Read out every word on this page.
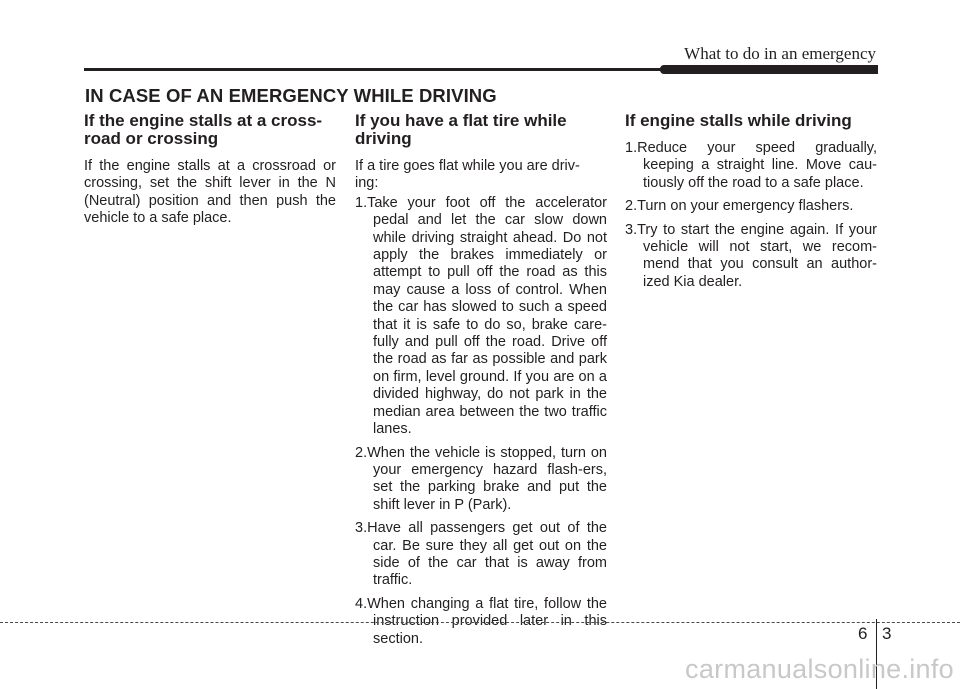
What to do in an emergency
IN CASE OF AN EMERGENCY WHILE DRIVING
If the engine stalls at a cross-
road or crossing

If the engine stalls at a crossroad or crossing, set the shift lever in the N (Neutral) position and then push the vehicle to a safe place.

If you have a flat tire while
driving

If a tire goes flat while you are driv-
ing:

1.Take your foot off the accelerator pedal and let the car slow down while driving straight ahead. Do not apply the brakes immediately or attempt to pull off the road as this may cause a loss of control. When the car has slowed to such a speed that it is safe to do so, brake care-fully and pull off the road. Drive off the road as far as possible and park on firm, level ground. If you are on a divided highway, do not park in the median area between the two traffic lanes.
2.When the vehicle is stopped, turn on your emergency hazard flash-ers, set the parking brake and put the shift lever in P (Park).
3.Have all passengers get out of the car. Be sure they all get out on the side of the car that is away from traffic.
4.When changing a flat tire, follow the instruction provided later in this section.
If engine stalls while driving
1.Reduce your speed gradually, keeping a straight line. Move cau-tiously off the road to a safe place.
2.Turn on your emergency flashers.
3.Try to start the engine again. If your vehicle will not start, we recom-mend that you consult an author-ized Kia dealer.
6 3
carmanualsonline.info
